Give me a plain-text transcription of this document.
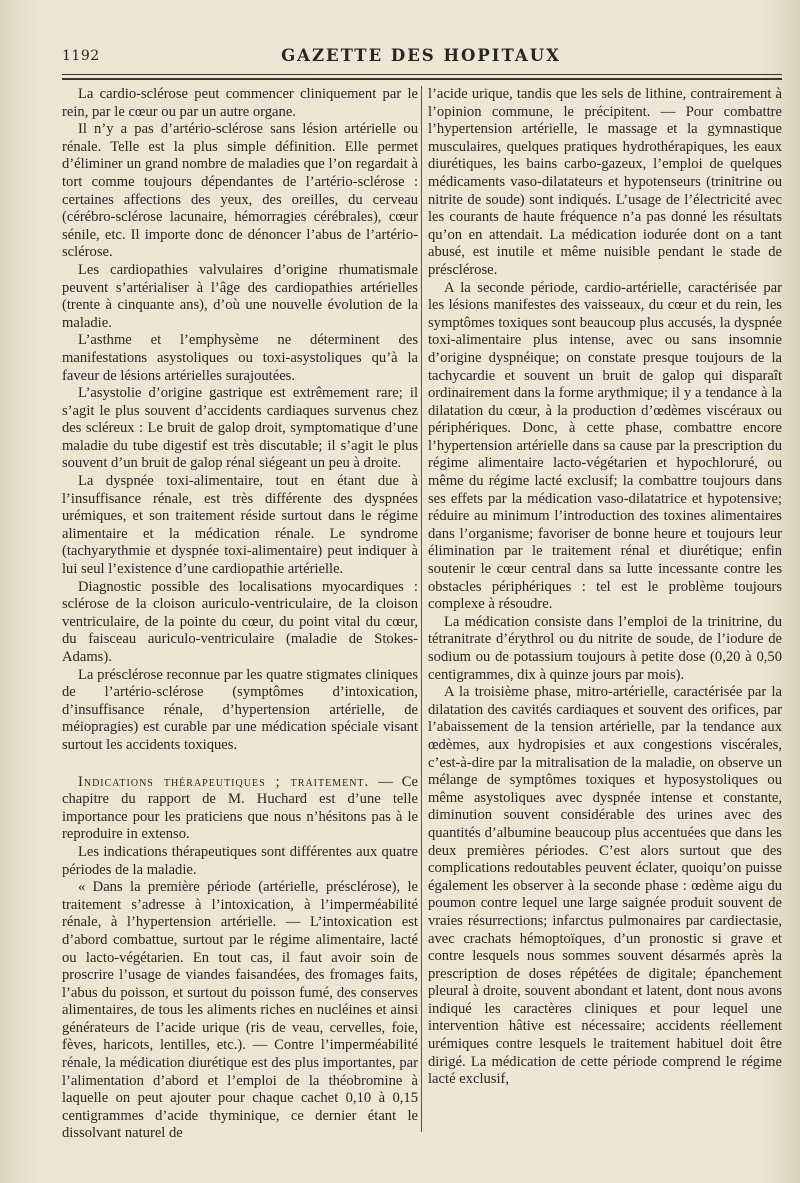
1192	GAZETTE DES HOPITAUX

La cardio-sclérose peut commencer cliniquement par le rein, par le cœur ou par un autre organe.

Il n’y a pas d’artério-sclérose sans lésion artérielle ou rénale. Telle est la plus simple définition. Elle permet d’éliminer un grand nombre de maladies que l’on regardait à tort comme toujours dépendantes de l’artério-sclérose : certaines affections des yeux, des oreilles, du cerveau (cérébro-sclérose lacunaire, hémorragies cérébrales), cœur sénile, etc. Il importe donc de dénoncer l’abus de l’artério-sclérose.

Les cardiopathies valvulaires d’origine rhumatismale peuvent s’artérialiser à l’âge des cardiopathies artérielles (trente à cinquante ans), d’où une nouvelle évolution de la maladie.

L’asthme et l’emphysème ne déterminent des manifestations asystoliques ou toxi-asystoliques qu’à la faveur de lésions artérielles surajoutées.

L’asystolie d’origine gastrique est extrêmement rare; il s’agit le plus souvent d’accidents cardiaques survenus chez des scléreux : Le bruit de galop droit, symptomatique d’une maladie du tube digestif est très discutable; il s’agit le plus souvent d’un bruit de galop rénal siégeant un peu à droite.

La dyspnée toxi-alimentaire, tout en étant due à l’insuffisance rénale, est très différente des dyspnées urémiques, et son traitement réside surtout dans le régime alimentaire et la médication rénale. Le syndrome (tachyarythmie et dyspnée toxi-alimentaire) peut indiquer à lui seul l’existence d’une cardiopathie artérielle.

Diagnostic possible des localisations myocardiques : sclérose de la cloison auriculo-ventriculaire, de la cloison ventriculaire, de la pointe du cœur, du point vital du cœur, du faisceau auriculo-ventriculaire (maladie de Stokes-Adams).

La présclérose reconnue par les quatre stigmates cliniques de l’artério-sclérose (symptômes d’intoxication, d’insuffisance rénale, d’hypertension artérielle, de méiopragies) est curable par une médication spéciale visant surtout les accidents toxiques.

Indications thérapeutiques ; traitement. — Ce chapitre du rapport de M. Huchard est d’une telle importance pour les praticiens que nous n’hésitons pas à le reproduire in extenso.

Les indications thérapeutiques sont différentes aux quatre périodes de la maladie.

« Dans la première période (artérielle, présclérose), le traitement s’adresse à l’intoxication, à l’imperméabilité rénale, à l’hypertension artérielle. — L’intoxication est d’abord combattue, surtout par le régime alimentaire, lacté ou lacto-végétarien. En tout cas, il faut avoir soin de proscrire l’usage de viandes faisandées, des fromages faits, l’abus du poisson, et surtout du poisson fumé, des conserves alimentaires, de tous les aliments riches en nucléines et ainsi générateurs de l’acide urique (ris de veau, cervelles, foie, fèves, haricots, lentilles, etc.). — Contre l’imperméabilité rénale, la médication diurétique est des plus importantes, par l’alimentation d’abord et l’emploi de la théobromine à laquelle on peut ajouter pour chaque cachet 0,10 à 0,15 centigrammes d’acide thyminique, ce dernier étant le dissolvant naturel de

l’acide urique, tandis que les sels de lithine, contrairement à l’opinion commune, le précipitent. — Pour combattre l’hypertension artérielle, le massage et la gymnastique musculaires, quelques pratiques hydrothérapiques, les eaux diurétiques, les bains carbo-gazeux, l’emploi de quelques médicaments vaso-dilatateurs et hypotenseurs (trinitrine ou nitrite de soude) sont indiqués. L’usage de l’électricité avec les courants de haute fréquence n’a pas donné les résultats qu’on en attendait. La médication iodurée dont on a tant abusé, est inutile et même nuisible pendant le stade de présclérose.

A la seconde période, cardio-artérielle, caractérisée par les lésions manifestes des vaisseaux, du cœur et du rein, les symptômes toxiques sont beaucoup plus accusés, la dyspnée toxi-alimentaire plus intense, avec ou sans insomnie d’origine dyspnéique; on constate presque toujours de la tachycardie et souvent un bruit de galop qui disparaît ordinairement dans la forme arythmique; il y a tendance à la dilatation du cœur, à la production d’œdèmes viscéraux ou périphériques. Donc, à cette phase, combattre encore l’hypertension artérielle dans sa cause par la prescription du régime alimentaire lacto-végétarien et hypochloruré, ou même du régime lacté exclusif; la combattre toujours dans ses effets par la médication vaso-dilatatrice et hypotensive; réduire au minimum l’introduction des toxines alimentaires dans l’organisme; favoriser de bonne heure et toujours leur élimination par le traitement rénal et diurétique; enfin soutenir le cœur central dans sa lutte incessante contre les obstacles périphériques : tel est le problème toujours complexe à résoudre.

La médication consiste dans l’emploi de la trinitrine, du tétranitrate d’érythrol ou du nitrite de soude, de l’iodure de sodium ou de potassium toujours à petite dose (0,20 à 0,50 centigrammes, dix à quinze jours par mois).

A la troisième phase, mitro-artérielle, caractérisée par la dilatation des cavités cardiaques et souvent des orifices, par l’abaissement de la tension artérielle, par la tendance aux œdèmes, aux hydropisies et aux congestions viscérales, c’est-à-dire par la mitralisation de la maladie, on observe un mélange de symptômes toxiques et hyposystoliques ou même asystoliques avec dyspnée intense et constante, diminution souvent considérable des urines avec des quantités d’albumine beaucoup plus accentuées que dans les deux premières périodes. C’est alors surtout que des complications redoutables peuvent éclater, quoiqu’on puisse également les observer à la seconde phase : œdème aigu du poumon contre lequel une large saignée produit souvent de vraies résurrections; infarctus pulmonaires par cardiectasie, avec crachats hémoptoïques, d’un pronostic si grave et contre lesquels nous sommes souvent désarmés après la prescription de doses répétées de digitale; épanchement pleural à droite, souvent abondant et latent, dont nous avons indiqué les caractères cliniques et pour lequel une intervention hâtive est nécessaire; accidents réellement urémiques contre lesquels le traitement habituel doit être dirigé. La médication de cette période comprend le régime lacté exclusif,
